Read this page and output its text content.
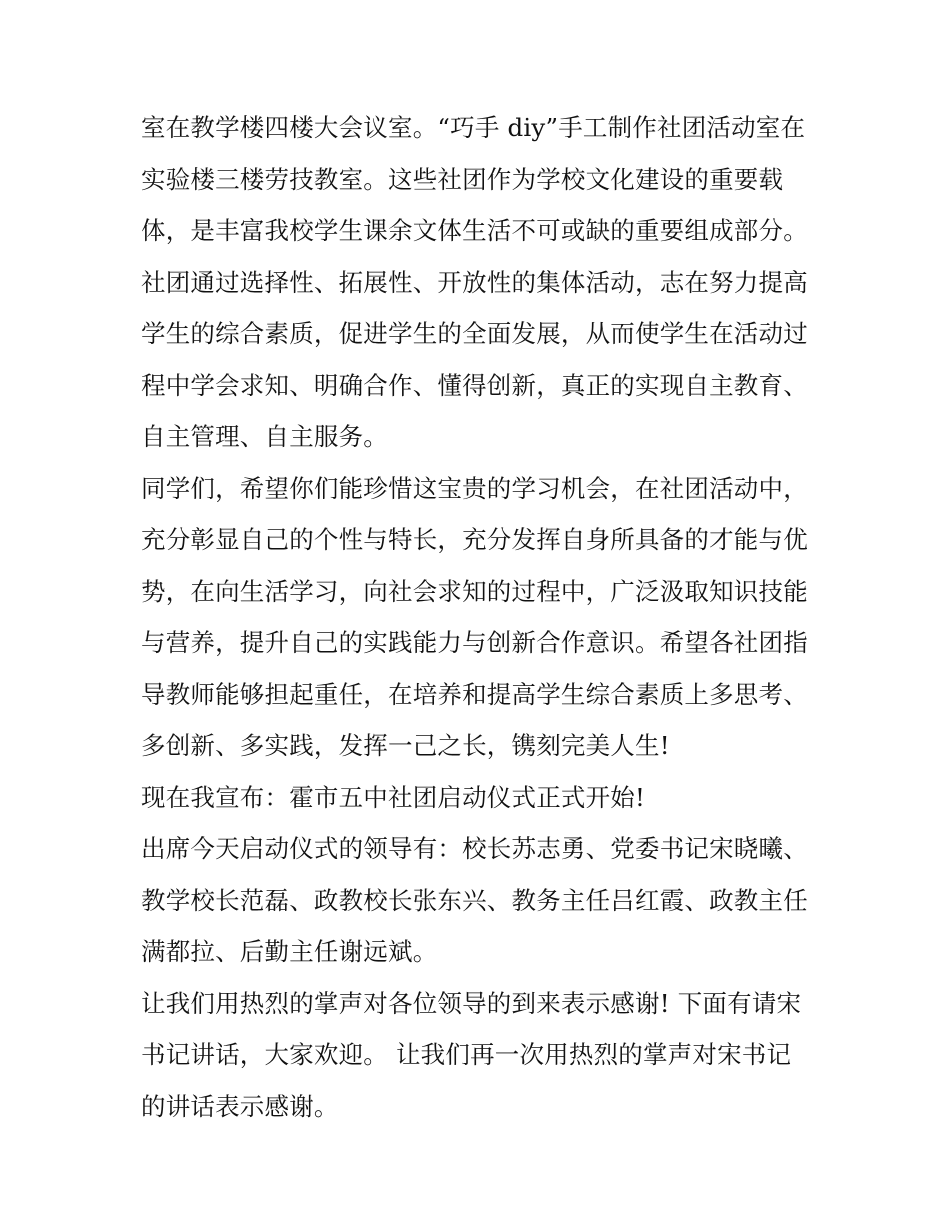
室在教学楼四楼大会议室。“巧手 diy”手工制作社团活动室在
实验楼三楼劳技教室。这些社团作为学校文化建设的重要载
体，是丰富我校学生课余文体生活不可或缺的重要组成部分。
社团通过选择性、拓展性、开放性的集体活动，志在努力提高
学生的综合素质，促进学生的全面发展，从而使学生在活动过
程中学会求知、明确合作、懂得创新，真正的实现自主教育、
自主管理、自主服务。
同学们，希望你们能珍惜这宝贵的学习机会，在社团活动中，
充分彰显自己的个性与特长，充分发挥自身所具备的才能与优
势，在向生活学习，向社会求知的过程中，广泛汲取知识技能
与营养，提升自己的实践能力与创新合作意识。希望各社团指
导教师能够担起重任，在培养和提高学生综合素质上多思考、
多创新、多实践，发挥一己之长，镌刻完美人生!
现在我宣布：霍市五中社团启动仪式正式开始!
出席今天启动仪式的领导有：校长苏志勇、党委书记宋晓曦、
教学校长范磊、政教校长张东兴、教务主任吕红霞、政教主任
满都拉、后勤主任谢远斌。
让我们用热烈的掌声对各位领导的到来表示感谢! 下面有请宋
书记讲话，大家欢迎。 让我们再一次用热烈的掌声对宋书记
的讲话表示感谢。
